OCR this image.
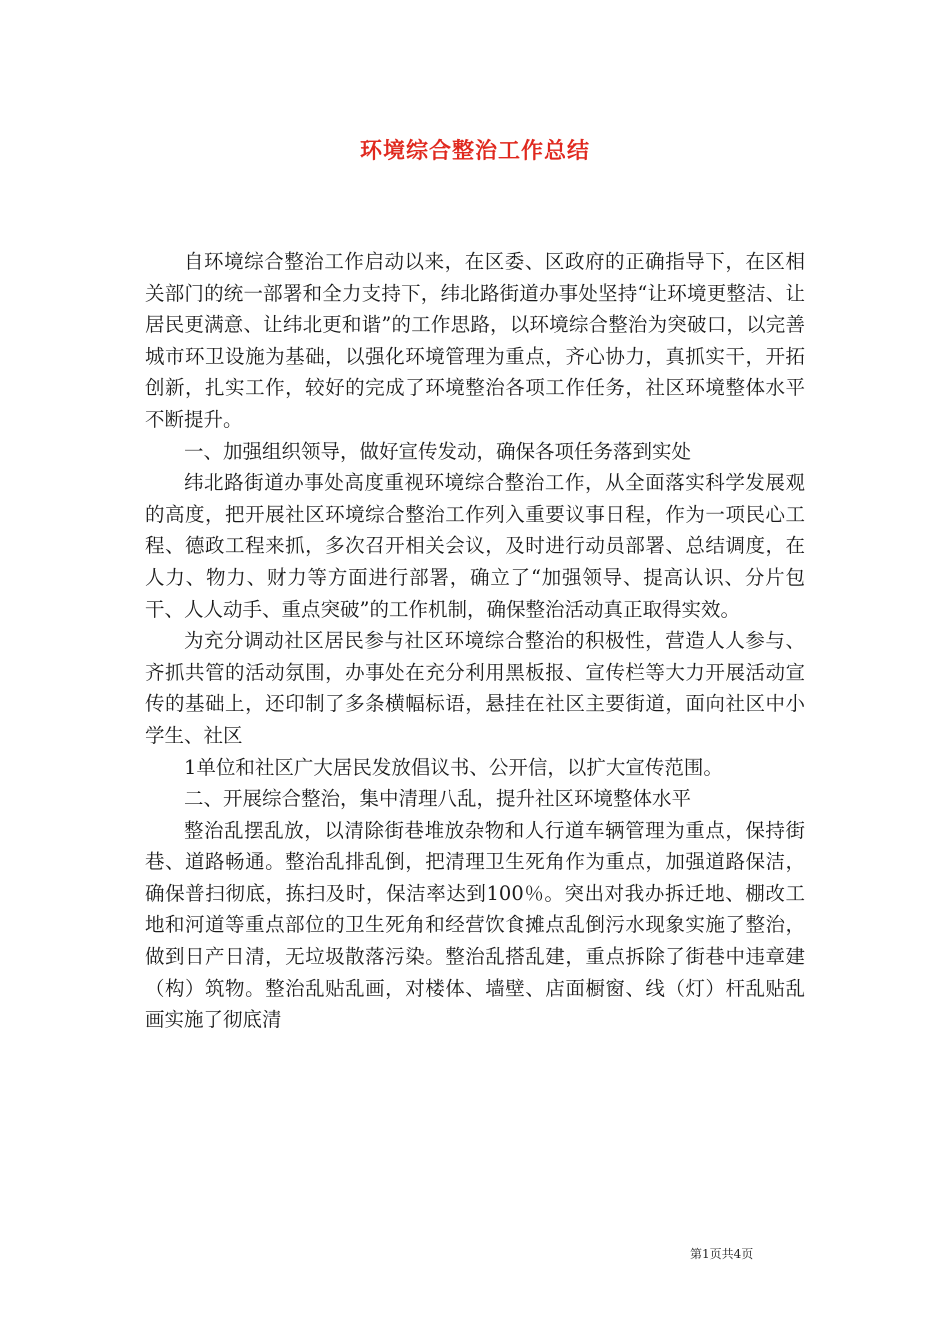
环境综合整治工作总结

自环境综合整治工作启动以来，在区委、区政府的正确指导下，在区相关部门的统一部署和全力支持下，纬北路街道办事处坚持“让环境更整洁、让居民更满意、让纬北更和谐”的工作思路，以环境综合整治为突破口，以完善城市环卫设施为基础，以强化环境管理为重点，齐心协力，真抓实干，开拓创新，扎实工作，较好的完成了环境整治各项工作任务，社区环境整体水平不断提升。

一、加强组织领导，做好宣传发动，确保各项任务落到实处

纬北路街道办事处高度重视环境综合整治工作，从全面落实科学发展观的高度，把开展社区环境综合整治工作列入重要议事日程，作为一项民心工程、德政工程来抓，多次召开相关会议，及时进行动员部署、总结调度，在人力、物力、财力等方面进行部署，确立了“加强领导、提高认识、分片包干、人人动手、重点突破”的工作机制，确保整治活动真正取得实效。

为充分调动社区居民参与社区环境综合整治的积极性，营造人人参与、齐抓共管的活动氛围，办事处在充分利用黑板报、宣传栏等大力开展活动宣传的基础上，还印制了多条横幅标语，悬挂在社区主要街道，面向社区中小学生、社区

1单位和社区广大居民发放倡议书、公开信，以扩大宣传范围。

二、开展综合整治，集中清理八乱，提升社区环境整体水平

整治乱摆乱放，以清除街巷堆放杂物和人行道车辆管理为重点，保持街巷、道路畅通。整治乱排乱倒，把清理卫生死角作为重点，加强道路保洁，确保普扫彻底，拣扫及时，保洁率达到100％。突出对我办拆迁地、棚改工地和河道等重点部位的卫生死角和经营饮食摊点乱倒污水现象实施了整治，做到日产日清，无垃圾散落污染。整治乱搭乱建，重点拆除了街巷中违章建（构）筑物。整治乱贴乱画，对楼体、墙壁、店面橱窗、线（灯）杆乱贴乱画实施了彻底清

第1页共4页
